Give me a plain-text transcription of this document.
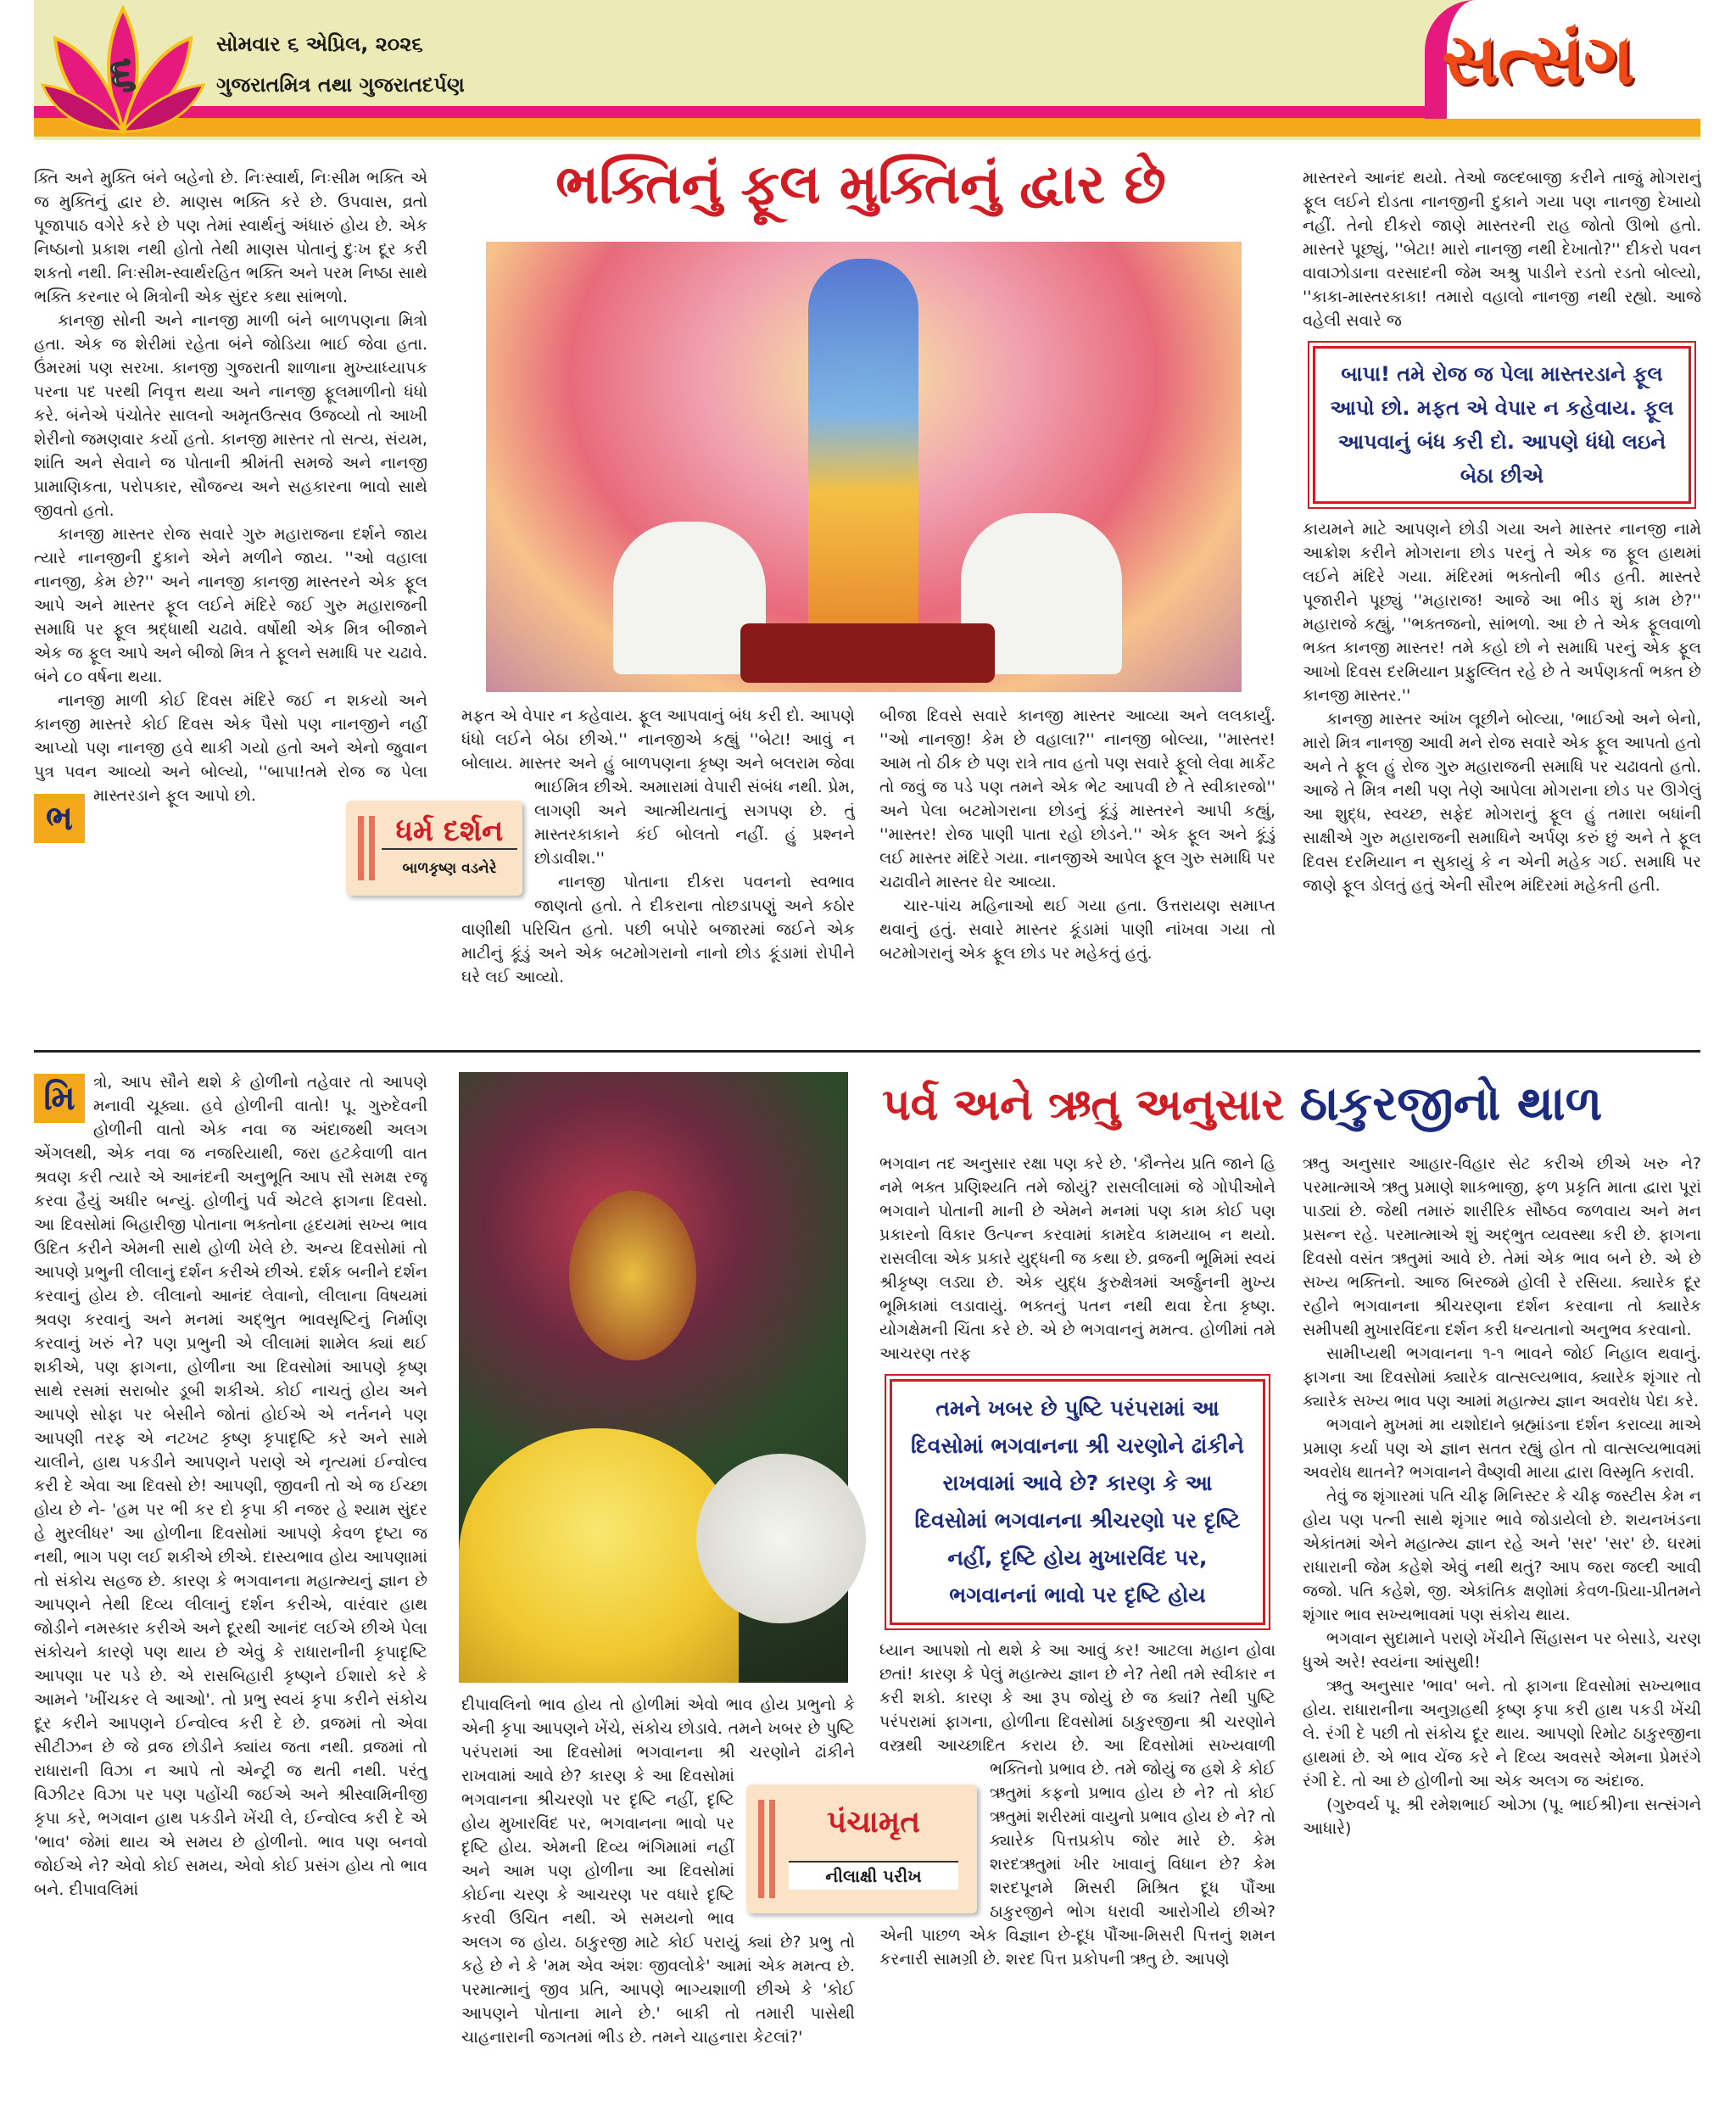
૬
સોમવાર ૬ એપ્રિલ, ૨૦૨૬
ગુજરાતમિત્ર તથા ગુજરાતદર્પણ	સત્સંગ
ભ

ક્તિ અને મુક્તિ બંને બહેનો છે. નિઃસ્વાર્થ, નિઃસીમ ભક્તિ એ જ મુક્તિનું દ્વાર છે. માણસ ભક્તિ કરે છે. ઉપવાસ, વ્રતો પૂજાપાઠ વગેરે કરે છે પણ તેમાં સ્વાર્થનું અંધારું હોય છે. એક નિષ્ઠાનો પ્રકાશ નથી હોતો તેથી માણસ પોતાનું દુઃખ દૂર કરી શકતો નથી. નિઃસીમ-સ્વાર્થરહિત ભક્તિ અને પરમ નિષ્ઠા સાથે ભક્તિ કરનાર બે મિત્રોની એક સુંદર કથા સાંભળો.

કાનજી સોની અને નાનજી માળી બંને બાળપણના મિત્રો હતા. એક જ શેરીમાં રહેતા બંને જોડિયા ભાઈ જેવા હતા. ઉંમરમાં પણ સરખા. કાનજી ગુજરાતી શાળાના મુખ્યાધ્યાપક પરના પદ પરથી નિવૃત્ત થયા અને નાનજી ફૂલમાળીનો ધંધો કરે. બંનેએ પંચોતેર સાલનો અમૃતઉત્સવ ઉજવ્યો તો આખી શેરીનો જમણવાર કર્યો હતો. કાનજી માસ્તર તો સત્ય, સંયમ, શાંતિ અને સેવાને જ પોતાની શ્રીમંતી સમજે અને નાનજી પ્રામાણિકતા, પરોપકાર, સૌજન્ય અને સહકારના ભાવો સાથે જીવતો હતો.

કાનજી માસ્તર રોજ સવારે ગુરુ મહારાજના દર્શને જાય ત્યારે નાનજીની દુકાને એને મળીને જાય. ''ઓ વહાલા નાનજી, કેમ છે?'' અને નાનજી કાનજી માસ્તરને એક ફૂલ આપે અને માસ્તર ફૂલ લઈને મંદિરે જઈ ગુરુ મહારાજની સમાધિ પર ફૂલ શ્રદ્ધાથી ચઢાવે. વર્ષોથી એક મિત્ર બીજાને એક જ ફૂલ આપે અને બીજો મિત્ર તે ફૂલને સમાધિ પર ચઢાવે. બંને ૮૦ વર્ષના થયા.

નાનજી માળી કોઈ દિવસ મંદિરે જઈ ન શકયો અને કાનજી માસ્તરે કોઈ દિવસ એક પૈસો પણ નાનજીને નહીં આપ્યો પણ નાનજી હવે થાકી ગયો હતો અને એનો જુવાન પુત્ર પવન આવ્યો અને બોલ્યો, ''બાપા!તમે રોજ જ પેલા માસ્તરડાને ફૂલ આપો છો.

ભક્તિનું ફૂલ મુક્તિનું દ્વાર છે

મફત એ વેપાર ન કહેવાય. ફૂલ આપવાનું બંધ કરી દો. આપણે ધંધો લઈને બેઠા છીએ.'' નાનજીએ કહ્યું ''બેટા! આવું ન બોલાય. માસ્તર અને હું બાળપણના કૃષ્ણ અને બલરામ જેવા ભાઈમિત્ર છીએ. અમારામાં વેપારી સંબંધ નથી. પ્રેમ, લાગણી અને આત્મીયતાનું સગપણ છે. તું માસ્તરકાકાને કંઈ બોલતો નહીં. હું પ્રશ્નને છોડાવીશ.''

નાનજી પોતાના દીકરા પવનનો સ્વભાવ જાણતો હતો. તે દીકરાના તોછડાપણું અને કઠોર વાણીથી પરિચિત હતો. પછી બપોરે બજારમાં જઈને એક માટીનું કૂંડું અને એક બટમોગરાનો નાનો છોડ કૂંડામાં રોપીને ઘરે લઈ આવ્યો.

ધર્મ દર્શન
બાળકૃષ્ણ વડનેરે

બીજા દિવસે સવારે કાનજી માસ્તર આવ્યા અને લલકાર્યું. ''ઓ નાનજી! કેમ છે વહાલા?'' નાનજી બોલ્યા, ''માસ્તર! આમ તો ઠીક છે પણ રાત્રે તાવ હતો પણ સવારે ફૂલો લેવા માર્કેટ તો જવું જ પડે પણ તમને એક ભેટ આપવી છે તે સ્વીકારજો'' અને પેલા બટમોગરાના છોડનું કૂંડું માસ્તરને આપી કહ્યું, ''માસ્તર! રોજ પાણી પાતા રહો છોડને.'' એક ફૂલ અને કૂંડું લઈ માસ્તર મંદિરે ગયા. નાનજીએ આપેલ ફૂલ ગુરુ સમાધિ પર ચઢાવીને માસ્તર ઘેર આવ્યા.

ચાર-પાંચ મહિનાઓ થઈ ગયા હતા. ઉત્તરાયણ સમાપ્ત થવાનું હતું. સવારે માસ્તર કૂંડામાં પાણી નાંખવા ગયા તો બટમોગરાનું એક ફૂલ છોડ પર મહેકતું હતું.

માસ્તરને આનંદ થયો. તેઓ જલ્દબાજી કરીને તાજું મોગરાનું ફૂલ લઈને દોડતા નાનજીની દુકાને ગયા પણ નાનજી દેખાયો નહીં. તેનો દીકરો જાણે માસ્તરની રાહ જોતો ઊભો હતો. માસ્તરે પૂછ્યું, ''બેટા! મારો નાનજી નથી દેખાતો?'' દીકરો પવન વાવાઝોડાના વરસાદની જેમ અશ્રુ પાડીને રડતો રડતો બોલ્યો, ''કાકા-માસ્તરકાકા! તમારો વહાલો નાનજી નથી રહ્યો. આજે વહેલી સવારે જ

બાપા! તમે રોજ જ પેલા માસ્તરડાને ફૂલ આપો છો. મફત એ વેપાર ન કહેવાય. ફૂલ આપવાનું બંધ કરી દો. આપણે ધંધો લઇને બેઠા છીએ

કાયમને માટે આપણને છોડી ગયા અને માસ્તર નાનજી નામે આક્રોશ કરીને મોગરાના છોડ પરનું તે એક જ ફૂલ હાથમાં લઈને મંદિરે ગયા. મંદિરમાં ભક્તોની ભીડ હતી. માસ્તરે પૂજારીને પૂછ્યું ''મહારાજ! આજે આ ભીડ શું કામ છે?'' મહારાજે કહ્યું, ''ભક્તજનો, સાંભળો. આ છે તે એક ફૂલવાળો ભક્ત કાનજી માસ્તર! તમે કહો છો ને સમાધિ પરનું એક ફૂલ આખો દિવસ દરમિયાન પ્રફુલ્લિત રહે છે તે અર્પણકર્તા ભક્ત છે કાનજી માસ્તર.''

કાનજી માસ્તર આંખ લૂછીને બોલ્યા, 'ભાઈઓ અને બેનો, મારો મિત્ર નાનજી આવી મને રોજ સવારે એક ફૂલ આપતો હતો અને તે ફૂલ હું રોજ ગુરુ મહારાજની સમાધિ પર ચઢાવતો હતો. આજે તે મિત્ર નથી પણ તેણે આપેલા મોગરાના છોડ પર ઊગેલું આ શુદ્ધ, સ્વચ્છ, સફેદ મોગરાનું ફૂલ હું તમારા બધાંની સાક્ષીએ ગુરુ મહારાજની સમાધિને અર્પણ કરું છું અને તે ફૂલ દિવસ દરમિયાન ન સુકાયું કે ન એની મહેક ગઈ. સમાધિ પર જાણે ફૂલ ડોલતું હતું એની સૌરભ મંદિરમાં મહેકતી હતી.

મિ	ત્રો, આપ સૌને થશે કે હોળીનો તહેવાર તો આપણે મનાવી ચૂક્યા. હવે હોળીની વાતો! પૂ. ગુરુદેવની હોળીની વાતો એક નવા જ અંદાજથી અલગ એંગલથી, એક નવા જ નજરિયાથી, જરા હટકેવાળી વાત શ્રવણ કરી ત્યારે એ આનંદની અનુભૂતિ આપ સૌ સમક્ષ રજૂ કરવા હૈયું અધીર બન્યું. હોળીનું પર્વ એટલે ફાગના દિવસો. આ દિવસોમાં બિહારીજી પોતાના ભક્તોના હૃદયમાં સખ્ય ભાવ ઉદિત કરીને એમની સાથે હોળી ખેલે છે. અન્ય દિવસોમાં તો આપણે પ્રભુની લીલાનું દર્શન કરીએ છીએ. દર્શક બનીને દર્શન કરવાનું હોય છે. લીલાનો આનંદ લેવાનો, લીલાના વિષયમાં શ્રવણ કરવાનું અને મનમાં અદ્‌ભુત ભાવસૃષ્ટિનું નિર્માણ કરવાનું ખરું ને? પણ પ્રભુની એ લીલામાં શામેલ ક્યાં થઈ શકીએ, પણ ફાગના, હોળીના આ દિવસોમાં આપણે કૃષ્ણ સાથે રસમાં સરાબોર ડૂબી શકીએ. કોઈ નાચતું હોય અને આપણે સોફા પર બેસીને જોતાં હોઈએ એ નર્તનને પણ આપણી તરફ એ નટખટ કૃષ્ણ કૃપાદૃષ્ટિ કરે અને સામે ચાલીને, હાથ પકડીને આપણને પરાણે એ નૃત્યમાં ઈન્વોલ્વ કરી દે એવા આ દિવસો છે! આપણી, જીવની તો એ જ ઈચ્છા હોય છે ને- 'હમ પર ભી કર દો કૃપા કી નજર હે શ્યામ સુંદર હે મુરલીધર' આ હોળીના દિવસોમાં આપણે કેવળ દૃષ્ટા જ નથી, ભાગ પણ લઈ શકીએ છીએ. દાસ્યભાવ હોય આપણામાં તો સંકોચ સહજ છે. કારણ કે ભગવાનના મહાત્મ્યનું જ્ઞાન છે આપણને તેથી દિવ્ય લીલાનું દર્શન કરીએ, વારંવાર હાથ જોડીને નમસ્કાર કરીએ અને દૂરથી આનંદ લઈએ છીએ પેલા સંકોચને કારણે પણ થાય છે એવું કે રાધારાનીની કૃપાદૃષ્ટિ આપણા પર પડે છે. એ રાસબિહારી કૃષ્ણને ઈશારો કરે કે આમને 'ખીંચકર લે આઓ'. તો પ્રભુ સ્વયં કૃપા કરીને સંકોચ દૂર કરીને આપણને ઈન્વોલ્વ કરી દે છે. વ્રજમાં તો એવા સીટીઝન છે જે વ્રજ છોડીને ક્યાંય જતા નથી. વ્રજમાં તો રાધારાની વિઝા ન આપે તો એન્ટ્રી જ થતી નથી. પરંતુ વિઝીટર વિઝા પર પણ પહોંચી જઈએ અને શ્રીસ્વામિનીજી કૃપા કરે, ભગવાન હાથ પકડીને ખેંચી લે, ઈન્વોલ્વ કરી દે એ 'ભાવ' જેમાં થાય એ સમય છે હોળીનો. ભાવ પણ બનવો જોઈએ ને? એવો કોઈ સમય, એવો કોઈ પ્રસંગ હોય તો ભાવ બને. દીપાવલિમાં

પર્વ અને ઋતુ અનુસાર ઠાકુરજીનો થાળ

દીપાવલિનો ભાવ હોય તો હોળીમાં એવો ભાવ હોય પ્રભુનો કે એની કૃપા આપણને ખેંચે, સંકોચ છોડાવે. તમને ખબર છે પુષ્ટિ પરંપરામાં આ દિવસોમાં ભગવાનના શ્રી ચરણોને ઢાંકીને રાખવામાં આવે છે? કારણ કે આ દિવસોમાં ભગવાનના શ્રીચરણો પર દૃષ્ટિ નહીં, દૃષ્ટિ હોય મુખારવિંદ પર, ભગવાનના ભાવો પર દૃષ્ટિ હોય. એમની દિવ્ય ભંગિમામાં નહીં અને આમ પણ હોળીના આ દિવસોમાં કોઈના ચરણ કે આચરણ પર વધારે દૃષ્ટિ કરવી ઉચિત નથી. એ સમયનો ભાવ અલગ જ હોય. ઠાકુરજી માટે કોઈ પરાયું ક્યાં છે? પ્રભુ તો કહે છે ને કે 'મમ એવ અંશઃ જીવલોકે' આમાં એક મમત્વ છે. પરમાત્માનું જીવ પ્રતિ, આપણે ભાગ્યશાળી છીએ કે 'કોઈ આપણને પોતાના માને છે.' બાકી તો તમારી પાસેથી ચાહનારાની જગતમાં ભીડ છે. તમને ચાહનારા કેટલાં?'

પંચામૃત
નીલાક્ષી પરીખ

ભગવાન તદ અનુસાર રક્ષા પણ કરે છે. 'કૌન્તેય પ્રતિ જાને હિ નમે ભક્ત પ્રણિશ્યતિ તમે જોયું? રાસલીલામાં જે ગોપીઓને ભગવાને પોતાની માની છે એમને મનમાં પણ કામ કોઈ પણ પ્રકારનો વિકાર ઉત્પન્ન કરવામાં કામદેવ કામયાબ ન થયો. રાસલીલા એક પ્રકારે યુદ્ધની જ કથા છે. વ્રજની ભૂમિમાં સ્વયં શ્રીકૃષ્ણ લડ્યા છે. એક યુદ્ધ કુરુક્ષેત્રમાં અર્જુનની મુખ્ય ભૂમિકામાં લડાવાયું. ભક્તનું પતન નથી થવા દેતા કૃષ્ણ. યોગક્ષેમની ચિંતા કરે છે. એ છે ભગવાનનું મમત્વ. હોળીમાં તમે આચરણ તરફ

તમને ખબર છે પુષ્ટિ પરંપરામાં આ દિવસોમાં ભગવાનના શ્રી ચરણોને ઢાંકીને રાખવામાં આવે છે? કારણ કે આ દિવસોમાં ભગવાનના શ્રીચરણો પર દૃષ્ટિ નહીં, દૃષ્ટિ હોય મુખારવિંદ પર, ભગવાનનાં ભાવો પર દૃષ્ટિ હોય

ધ્યાન આપશો તો થશે કે આ આવું કર! આટલા મહાન હોવા છતાં! કારણ કે પેલું મહાત્મ્ય જ્ઞાન છે ને? તેથી તમે સ્વીકાર ન કરી શકો. કારણ કે આ રૂપ જોયું છે જ ક્યાં? તેથી પુષ્ટિ પરંપરામાં ફાગના, હોળીના દિવસોમાં ઠાકુરજીના શ્રી ચરણોને વસ્ત્રથી આચ્છાદિત કરાય છે. આ દિવસોમાં સખ્યવાળી ભક્તિનો પ્રભાવ છે. તમે જોયું જ હશે કે કોઈ ઋતુમાં કફનો પ્રભાવ હોય છે ને? તો કોઈ ઋતુમાં શરીરમાં વાયુનો પ્રભાવ હોય છે ને? તો ક્યારેક પિત્તપ્રકોપ જોર મારે છે. કેમ શરદઋતુમાં ખીર ખાવાનું વિધાન છે? કેમ શરદપૂનમે મિસરી મિશ્રિત દૂધ પૌંઆ ઠાકુરજીને ભોગ ધરાવી આરોગીયે છીએ? એની પાછળ એક વિજ્ઞાન છે-દૂધ પૌંઆ-મિસરી પિત્તનું શમન કરનારી સામગ્રી છે. શરદ પિત્ત પ્રકોપની ઋતુ છે. આપણે

ઋતુ અનુસાર આહાર-વિહાર સેટ કરીએ છીએ ખરુ ને? પરમાત્માએ ઋતુ પ્રમાણે શાકભાજી, ફળ પ્રકૃતિ માતા દ્વારા પૂરાં પાડ્યાં છે. જેથી તમારું શારીરિક સૌષ્ઠવ જળવાય અને મન પ્રસન્ન રહે. પરમાત્માએ શું અદ્‌ભુત વ્યવસ્થા કરી છે. ફાગના દિવસો વસંત ઋતુમાં આવે છે. તેમાં એક ભાવ બને છે. એ છે સખ્ય ભક્તિનો. આજ બિરજમે હોલી રે રસિયા. ક્યારેક દૂર રહીને ભગવાનના શ્રીચરણના દર્શન કરવાના તો ક્યારેક સમીપથી મુખારવિંદના દર્શન કરી ધન્યતાનો અનુભવ કરવાનો.

સામીપ્યથી ભગવાનના ૧-૧ ભાવને જોઈ નિહાલ થવાનું. ફાગના આ દિવસોમાં ક્યારેક વાત્સલ્યભાવ, ક્યારેક શૃંગાર તો ક્યારેક સખ્ય ભાવ પણ આમાં મહાત્મ્ય જ્ઞાન અવરોધ પેદા કરે.

ભગવાને મુખમાં મા યશોદાને બ્રહ્માંડના દર્શન કરાવ્યા માએ પ્રમાણ કર્યા પણ એ જ્ઞાન સતત રહ્યું હોત તો વાત્સલ્યભાવમાં અવરોધ થાતને? ભગવાનને વૈષ્ણવી માયા દ્વારા વિસ્મૃતિ કરાવી.

તેવું જ શૃંગારમાં પતિ ચીફ મિનિસ્ટર કે ચીફ જસ્ટીસ કેમ ન હોય પણ પત્ની સાથે શૃંગાર ભાવે જોડાયેલો છે. શયનખંડના એકાંતમાં એને મહાત્મ્ય જ્ઞાન રહે અને 'સર' 'સર' છે. ઘરમાં રાધારાની જેમ કહેશે એવું નથી થતું? આપ જરા જલ્દી આવી જજો. પતિ કહેશે, જી. એકાંતિક ક્ષણોમાં કેવળ-પ્રિયા-પ્રીતમને શૃંગાર ભાવ સખ્યભાવમાં પણ સંકોચ થાય.

ભગવાન સુદામાને પરાણે ખેંચીને સિંહાસન પર બેસાડે, ચરણ ધુએ અરે! સ્વયંના આંસુથી!

ઋતુ અનુસાર 'ભાવ' બને. તો ફાગના દિવસોમાં સખ્યભાવ હોય. રાધારાનીના અનુગ્રહથી કૃષ્ણ કૃપા કરી હાથ પકડી ખેંચી લે. રંગી દે પછી તો સંકોચ દૂર થાય. આપણો રિમોટ ઠાકુરજીના હાથમાં છે. એ ભાવ ચેંજ કરે ને દિવ્ય અવસરે એમના પ્રેમરંગે રંગી દે. તો આ છે હોળીનો આ એક અલગ જ અંદાજ.

(ગુરુવર્ય પૂ. શ્રી રમેશભાઈ ઓઝા (પૂ. ભાઈશ્રી)ના સત્સંગને આધારે)
